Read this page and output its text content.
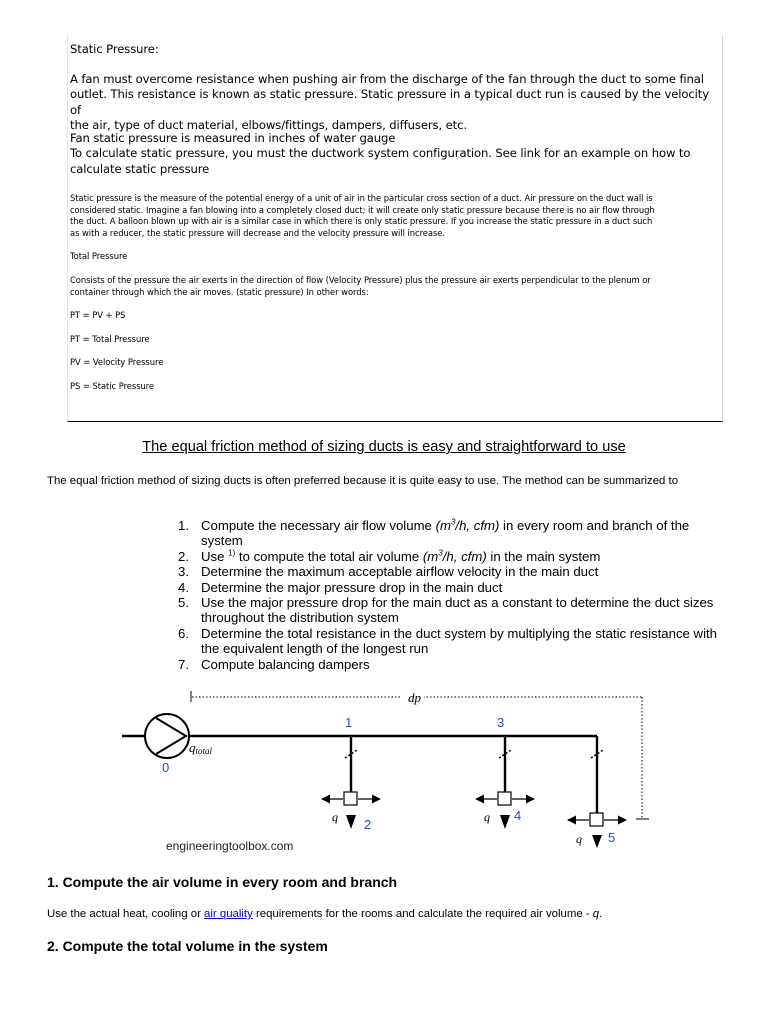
Static Pressure:

A fan must overcome resistance when pushing air from the discharge of the fan through the duct to some final
outlet. This resistance is known as static pressure. Static pressure in a typical duct run is caused by the velocity of
the air, type of duct material, elbows/fittings, dampers, diffusers, etc.

Fan static pressure is measured in inches of water gauge
To calculate static pressure, you must the ductwork system configuration. See link for an example on how to
calculate static pressure

Static pressure is the measure of the potential energy of a unit of air in the particular cross section of a duct. Air pressure on the duct wall is
considered static. Imagine a fan blowing into a completely closed duct; it will create only static pressure because there is no air flow through
the duct. A balloon blown up with air is a similar case in which there is only static pressure. If you increase the static pressure in a duct such
as with a reducer, the static pressure will decrease and the velocity pressure will increase.

Total Pressure

Consists of the pressure the air exerts in the direction of flow (Velocity Pressure) plus the pressure air exerts perpendicular to the plenum or
container through which the air moves. (static pressure) In other words:

PT = PV + PS

PT = Total Pressure

PV = Velocity Pressure

PS = Static Pressure

The equal friction method of sizing ducts is easy and straightforward to use

The equal friction method of sizing ducts is often preferred because it is quite easy to use. The method can be summarized to

1. Compute the necessary air flow volume ($m^3/h$, cfm) in every room and branch of the system
2. Use $^{1)}$ to compute the total air volume ($m^3/h$, cfm) in the main system
3. Determine the maximum acceptable airflow velocity in the main duct
4. Determine the major pressure drop in the main duct
5. Use the major pressure drop for the main duct as a constant to determine the duct sizes throughout the distribution system
6. Determine the total resistance in the duct system by multiplying the static resistance with the equivalent length of the longest run
7. Compute balancing dampers
dp
qtotal
0
1	3
q 2	q 4
q 5

engineeringtoolbox.com

1. Compute the air volume in every room and branch

Use the actual heat, cooling or air quality requirements for the rooms and calculate the required air volume - q.

2. Compute the total volume in the system
